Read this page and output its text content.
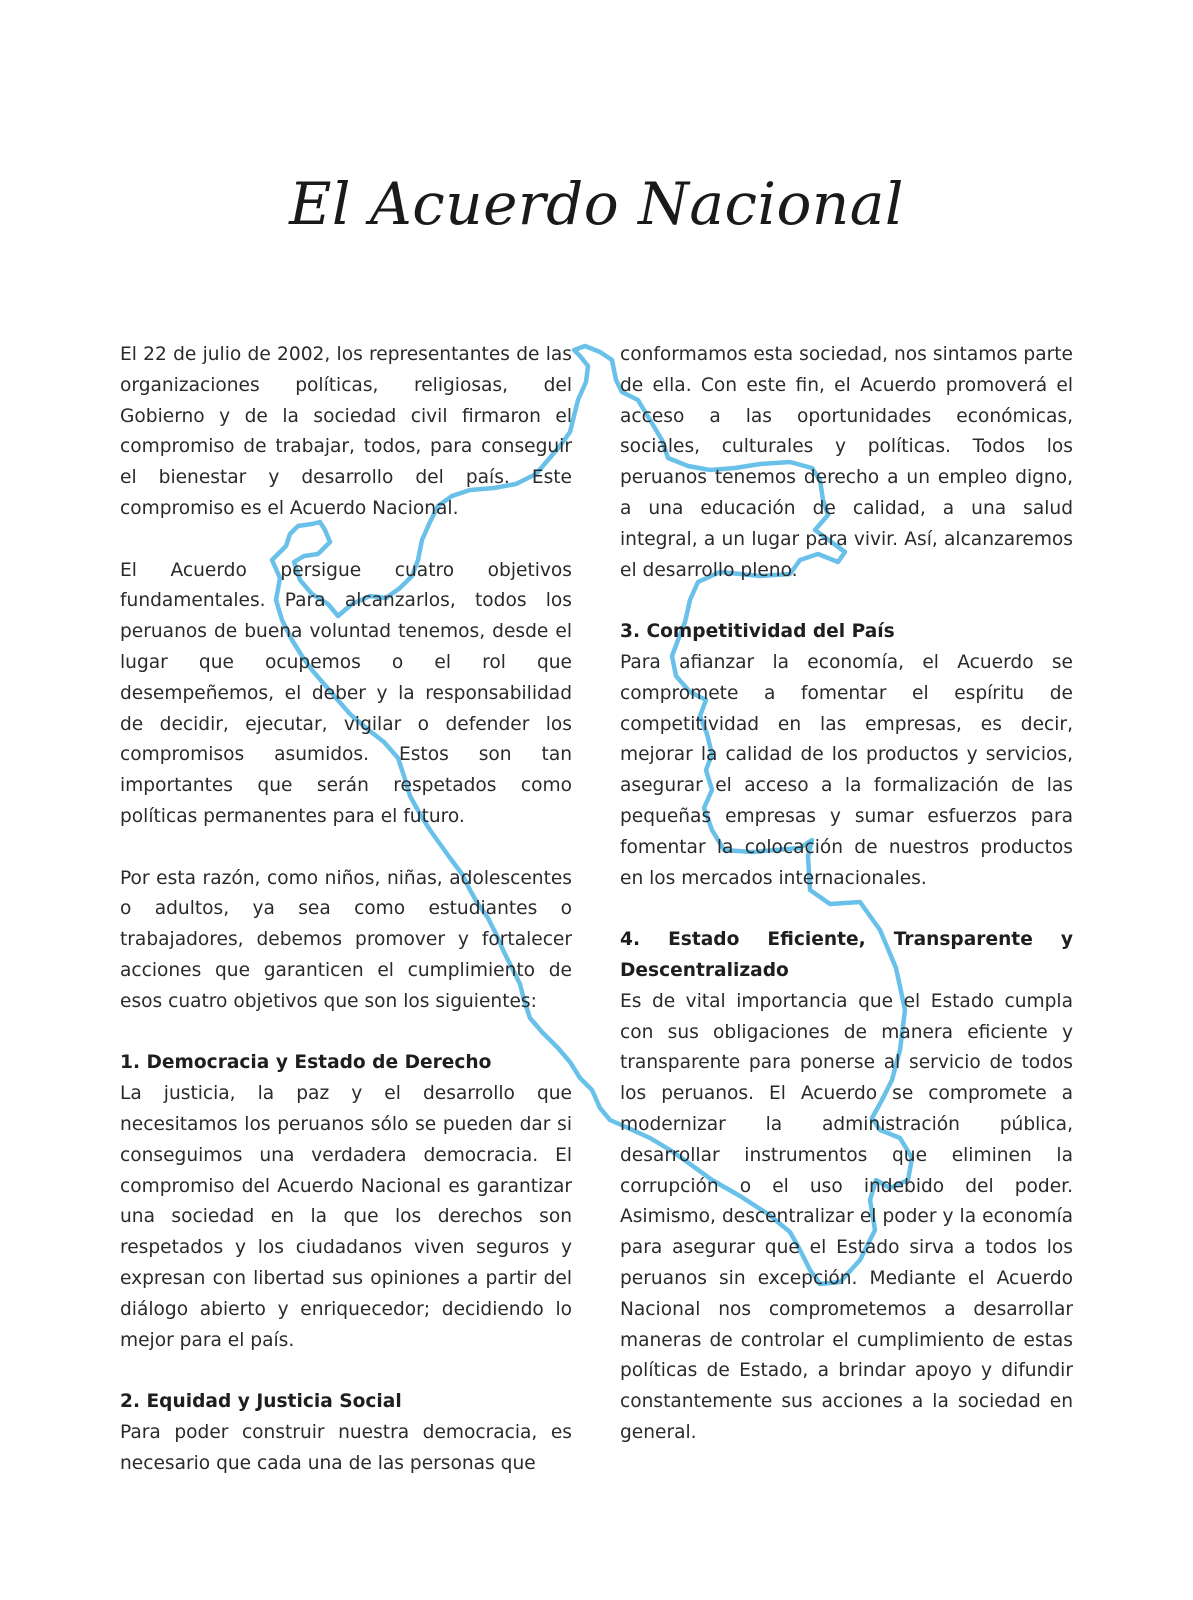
El Acuerdo Nacional

El 22 de julio de 2002, los representantes de las organizaciones políticas, religiosas, del Gobierno y de la sociedad civil firmaron el compromiso de trabajar, todos, para conseguir el bienestar y desarrollo del país. Este compromiso es el Acuerdo Nacional.

El Acuerdo persigue cuatro objetivos fundamentales. Para alcanzarlos, todos los peruanos de buena voluntad tenemos, desde el lugar que ocupemos o el rol que desempeñemos, el deber y la responsabilidad de decidir, ejecutar, vigilar o defender los compromisos asumidos. Estos son tan importantes que serán respetados como políticas permanentes para el futuro.

Por esta razón, como niños, niñas, adolescentes o adultos, ya sea como estudiantes o trabajadores, debemos promover y fortalecer acciones que garanticen el cumplimiento de esos cuatro objetivos que son los siguientes:

1. Democracia y Estado de Derecho

La justicia, la paz y el desarrollo que necesitamos los peruanos sólo se pueden dar si conseguimos una verdadera democracia. El compromiso del Acuerdo Nacional es garantizar una sociedad en la que los derechos son respetados y los ciudadanos viven seguros y expresan con libertad sus opiniones a partir del diálogo abierto y enriquecedor; decidiendo lo mejor para el país.

2. Equidad y Justicia Social

Para poder construir nuestra democracia, es necesario que cada una de las personas que

conformamos esta sociedad, nos sintamos parte de ella. Con este fin, el Acuerdo promoverá el acceso a las oportunidades económicas, sociales, culturales y políticas. Todos los peruanos tenemos derecho a un empleo digno, a una educación de calidad, a una salud integral, a un lugar para vivir. Así, alcanzaremos el desarrollo pleno.

3. Competitividad del País

Para afianzar la economía, el Acuerdo se compromete a fomentar el espíritu de competitividad en las empresas, es decir, mejorar la calidad de los productos y servicios, asegurar el acceso a la formalización de las pequeñas empresas y sumar esfuerzos para fomentar la colocación de nuestros productos en los mercados internacionales.

4. Estado Eficiente, Transparente y Descentralizado

Es de vital importancia que el Estado cumpla con sus obligaciones de manera eficiente y transparente para ponerse al servicio de todos los peruanos. El Acuerdo se compromete a modernizar la administración pública, desarrollar instrumentos que eliminen la corrupción o el uso indebido del poder. Asimismo, descentralizar el poder y la economía para asegurar que el Estado sirva a todos los peruanos sin excepción. Mediante el Acuerdo Nacional nos comprometemos a desarrollar maneras de controlar el cumplimiento de estas políticas de Estado, a brindar apoyo y difundir constantemente sus acciones a la sociedad en general.
